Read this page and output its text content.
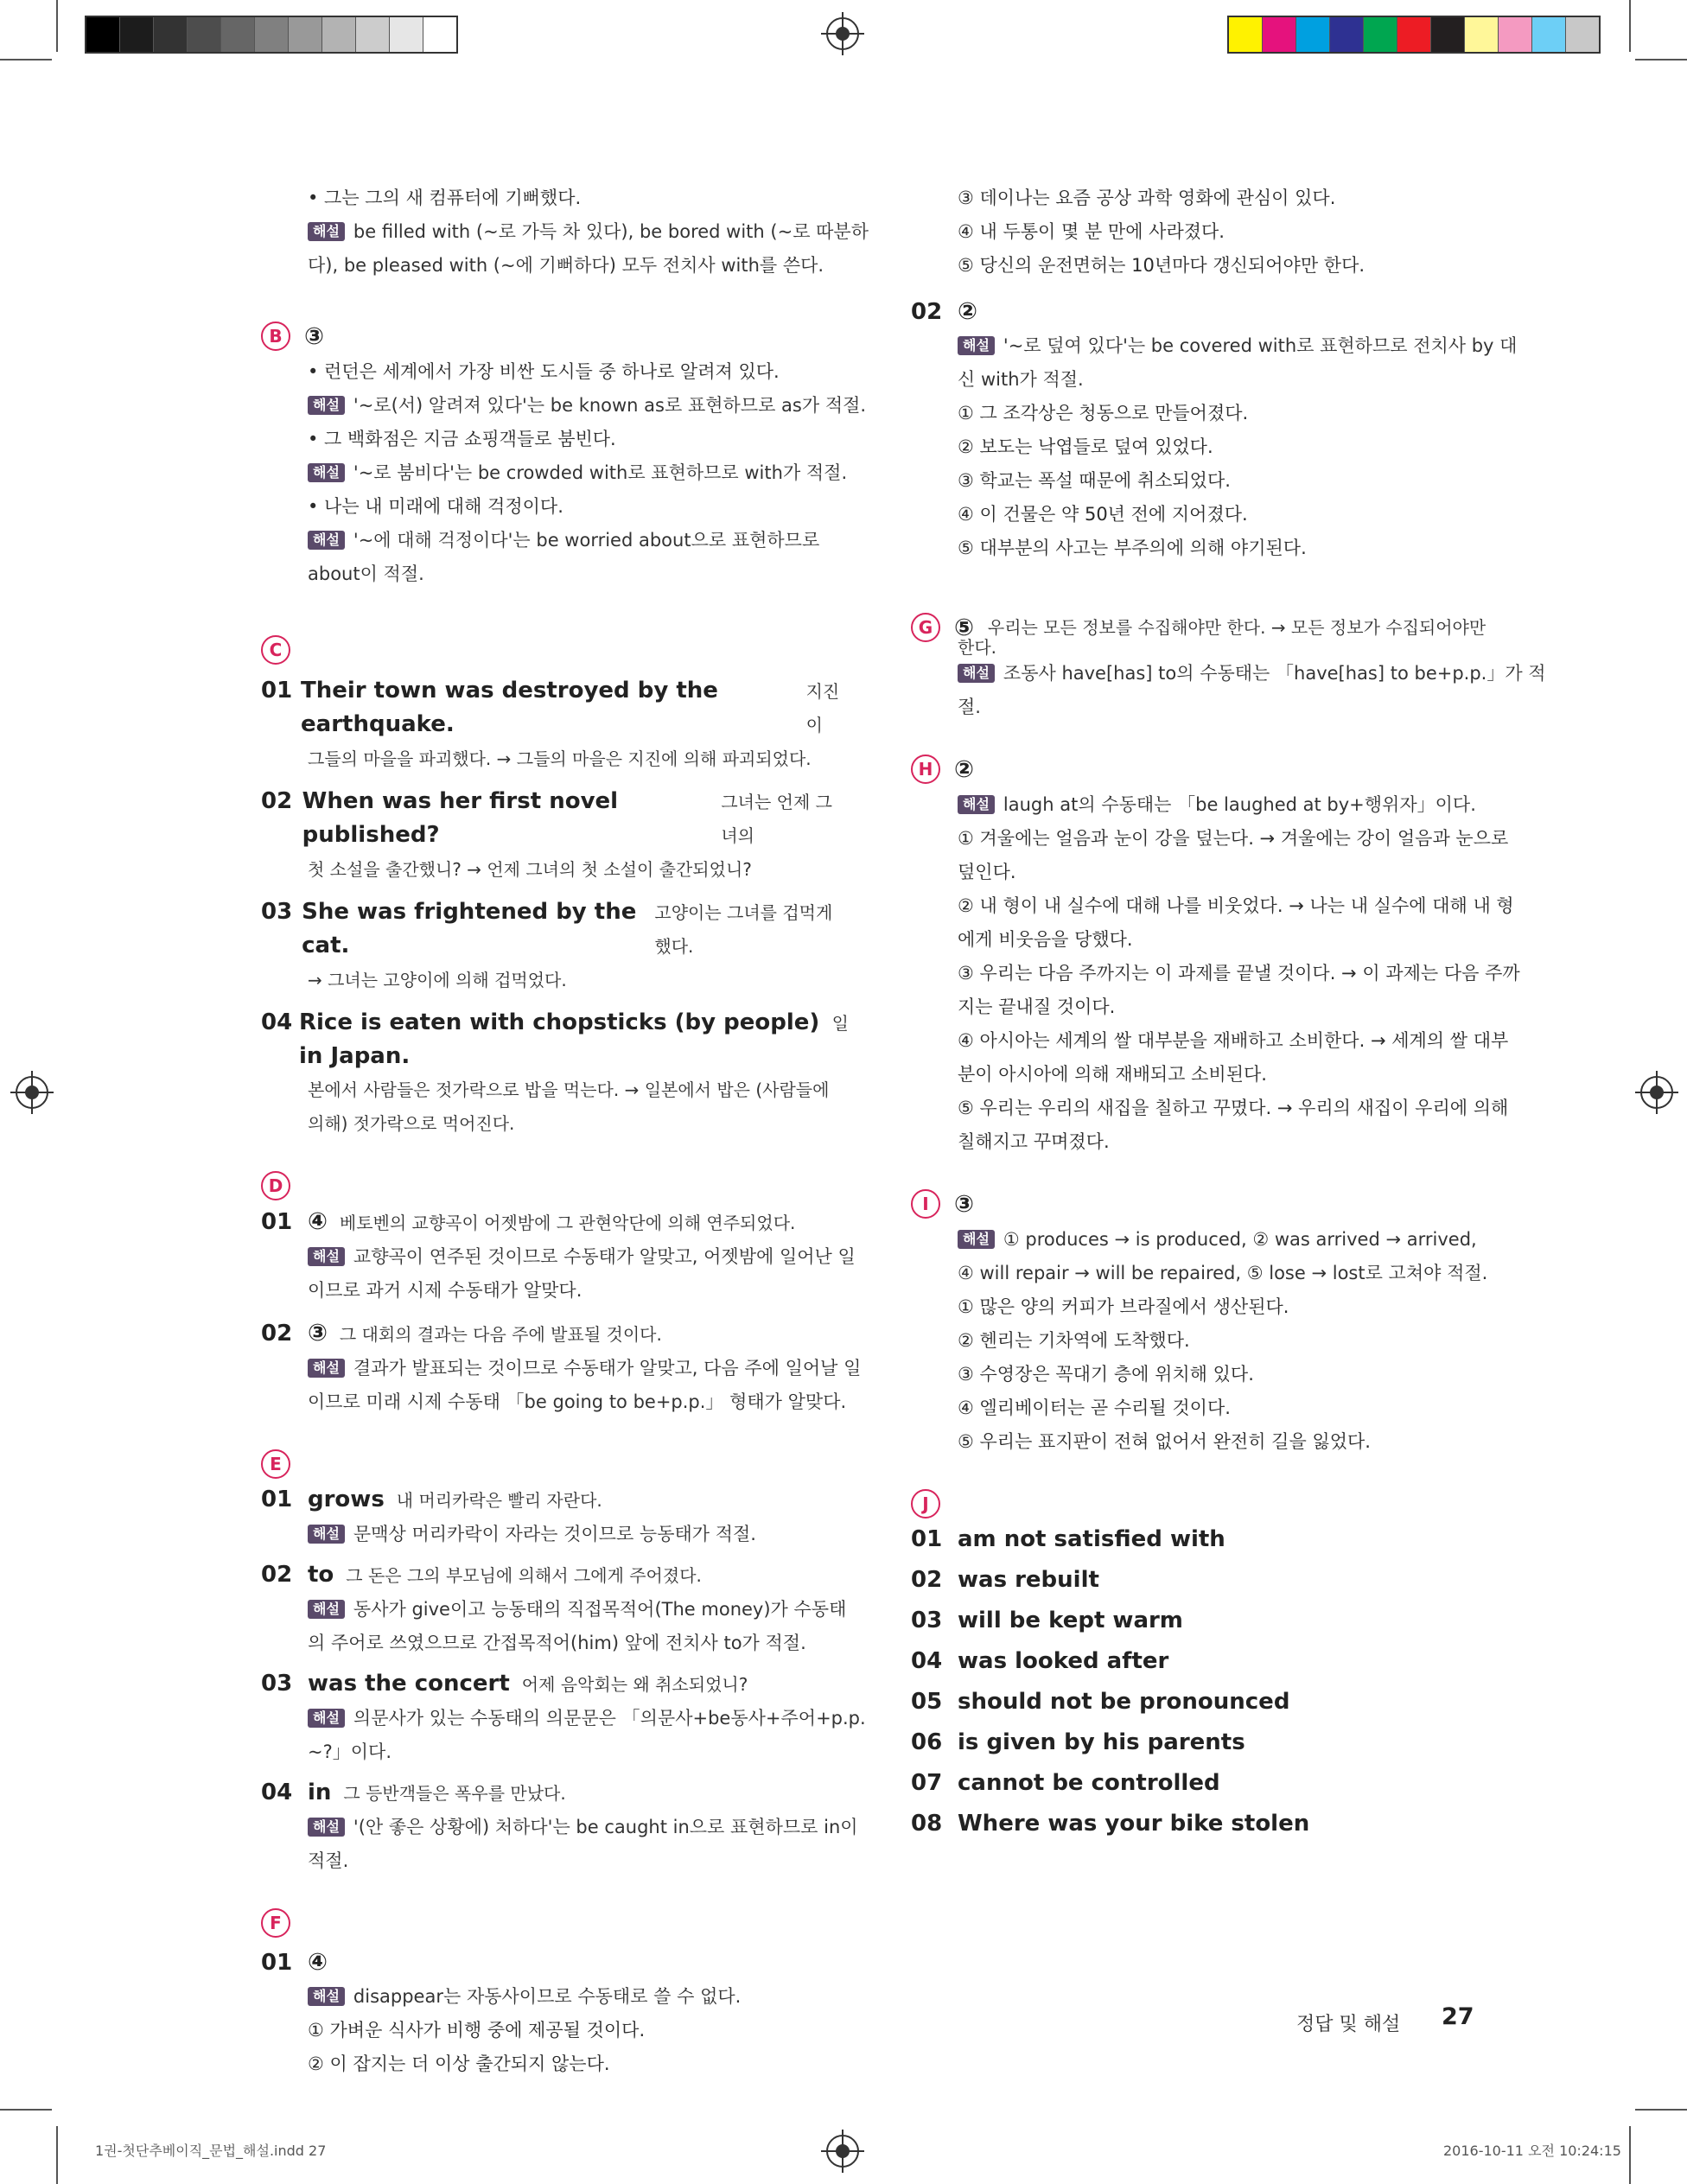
• 그는 그의 새 컴퓨터에 기뻐했다.

해설 be filled with (~로 가득 차 있다), be bored with (~로 따분하

다), be pleased with (~에 기뻐하다) 모두 전치사 with를 쓴다.

B ③

• 런던은 세계에서 가장 비싼 도시들 중 하나로 알려져 있다.

해설 '~로(서) 알려져 있다'는 be known as로 표현하므로 as가 적절.

• 그 백화점은 지금 쇼핑객들로 붐빈다.

해설 '~로 붐비다'는 be crowded with로 표현하므로 with가 적절.

• 나는 내 미래에 대해 걱정이다.

해설 '~에 대해 걱정이다'는 be worried about으로 표현하므로

about이 적절.

C
01 Their town was destroyed by the earthquake.
지진이

그들의 마을을 파괴했다. → 그들의 마을은 지진에 의해 파괴되었다.

02 When was her first novel published?
그녀는 언제 그녀의

첫 소설을 출간했니? → 언제 그녀의 첫 소설이 출간되었니?

03 She was frightened by the cat.
고양이는 그녀를 겁먹게 했다.

→ 그녀는 고양이에 의해 겁먹었다.

04 Rice is eaten with chopsticks (by people) in Japan.
일

본에서 사람들은 젓가락으로 밥을 먹는다. → 일본에서 밥은 (사람들에

의해) 젓가락으로 먹어진다.

D
01 ④ 베토벤의 교향곡이 어젯밤에 그 관현악단에 의해 연주되었다.

해설 교향곡이 연주된 것이므로 수동태가 알맞고, 어젯밤에 일어난 일

이므로 과거 시제 수동태가 알맞다.

02 ③ 그 대회의 결과는 다음 주에 발표될 것이다.

해설 결과가 발표되는 것이므로 수동태가 알맞고, 다음 주에 일어날 일

이므로 미래 시제 수동태 「be going to be+p.p.」 형태가 알맞다.

E
01 grows 내 머리카락은 빨리 자란다.

해설 문맥상 머리카락이 자라는 것이므로 능동태가 적절.

02 to 그 돈은 그의 부모님에 의해서 그에게 주어졌다.

해설 동사가 give이고 능동태의 직접목적어(The money)가 수동태

의 주어로 쓰였으므로 간접목적어(him) 앞에 전치사 to가 적절.

03 was the concert 어제 음악회는 왜 취소되었니?

해설 의문사가 있는 수동태의 의문문은 「의문사+be동사+주어+p.p.

~?」이다.

04 in 그 등반객들은 폭우를 만났다.

해설 '(안 좋은 상황에) 처하다'는 be caught in으로 표현하므로 in이

적절.

F
01 ④

해설 disappear는 자동사이므로 수동태로 쓸 수 없다.

① 가벼운 식사가 비행 중에 제공될 것이다.

② 이 잡지는 더 이상 출간되지 않는다.

③ 데이나는 요즘 공상 과학 영화에 관심이 있다.

④ 내 두통이 몇 분 만에 사라졌다.

⑤ 당신의 운전면허는 10년마다 갱신되어야만 한다.

02 ②

해설 '~로 덮여 있다'는 be covered with로 표현하므로 전치사 by 대

신 with가 적절.

① 그 조각상은 청동으로 만들어졌다.

② 보도는 낙엽들로 덮여 있었다.

③ 학교는 폭설 때문에 취소되었다.

④ 이 건물은 약 50년 전에 지어졌다.

⑤ 대부분의 사고는 부주의에 의해 야기된다.

G ⑤ 우리는 모든 정보를 수집해야만 한다. → 모든 정보가 수집되어야만

한다.

해설 조동사 have[has] to의 수동태는 「have[has] to be+p.p.」가 적

절.

H ②

해설 laugh at의 수동태는 「be laughed at by+행위자」이다.

① 겨울에는 얼음과 눈이 강을 덮는다. → 겨울에는 강이 얼음과 눈으로

덮인다.

② 내 형이 내 실수에 대해 나를 비웃었다. → 나는 내 실수에 대해 내 형

에게 비웃음을 당했다.

③ 우리는 다음 주까지는 이 과제를 끝낼 것이다. → 이 과제는 다음 주까

지는 끝내질 것이다.

④ 아시아는 세계의 쌀 대부분을 재배하고 소비한다. → 세계의 쌀 대부

분이 아시아에 의해 재배되고 소비된다.

⑤ 우리는 우리의 새집을 칠하고 꾸몄다. → 우리의 새집이 우리에 의해

칠해지고 꾸며졌다.

I	③

해설 ① produces → is produced, ② was arrived → arrived,

④ will repair → will be repaired, ⑤ lose → lost로 고쳐야 적절.

① 많은 양의 커피가 브라질에서 생산된다.

② 헨리는 기차역에 도착했다.

③ 수영장은 꼭대기 층에 위치해 있다.

④ 엘리베이터는 곧 수리될 것이다.

⑤ 우리는 표지판이 전혀 없어서 완전히 길을 잃었다.

J
01 am not satisfied with
02 was rebuilt
03 will be kept warm
04 was looked after
05 should not be pronounced
06 is given by his parents
07 cannot be controlled
08 Where was your bike stolen
정답 및 해설 27
1권-첫단추베이직_문법_해설.indd 27	2016-10-11 오전 10:24:15
